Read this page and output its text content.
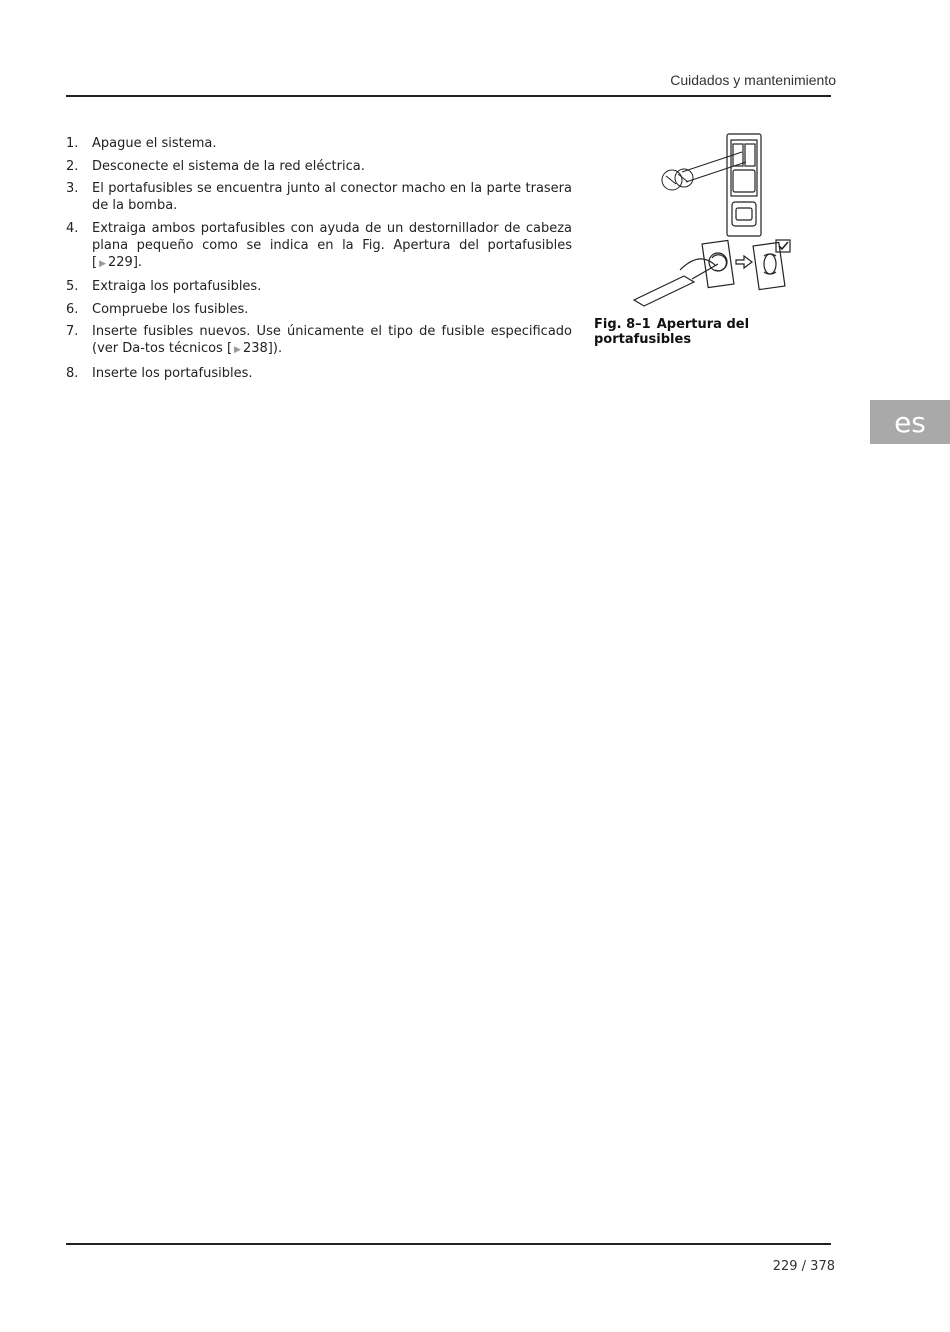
Cuidados y mantenimiento
1.	Apague el sistema.
2.	Desconecte el sistema de la red eléctrica.
3.	El portafusibles se encuentra junto al conector macho en la parte trasera de la bomba.
4.	Extraiga ambos portafusibles con ayuda de un destornillador de cabeza plana pequeño como se indica en la Fig. Apertura del portafusibles [ ▶ 229].
5.	Extraiga los portafusibles.
6.	Compruebe los fusibles.
7.	Inserte fusibles nuevos. Use únicamente el tipo de fusible especificado (ver Da-tos técnicos [ ▶ 238]).
8.	Inserte los portafusibles.
Fig. 8–1 Apertura del portafusibles
es
229 / 378
